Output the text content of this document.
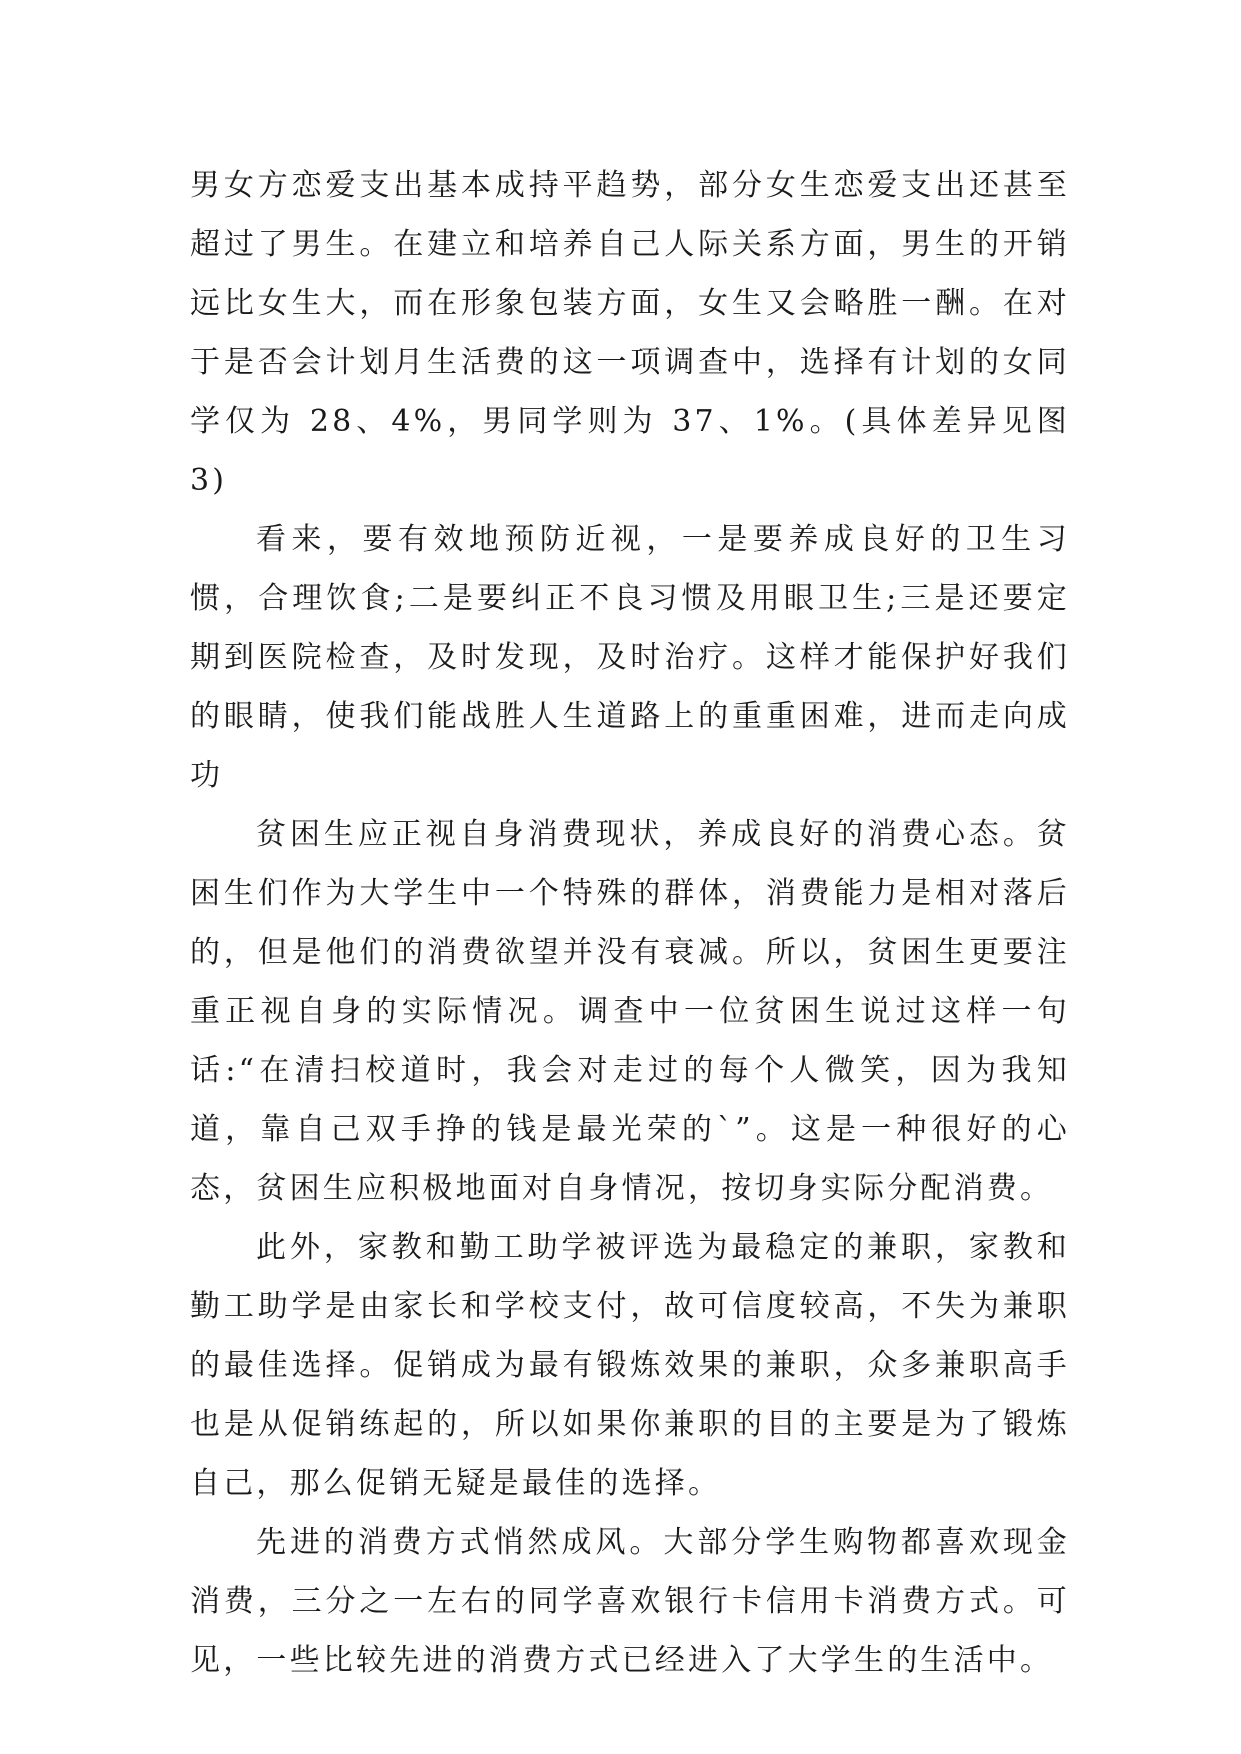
男女方恋爱支出基本成持平趋势，部分女生恋爱支出还甚至超过了男生。在建立和培养自己人际关系方面，男生的开销远比女生大，而在形象包装方面，女生又会略胜一酬。在对于是否会计划月生活费的这一项调查中，选择有计划的女同学仅为 28、4%，男同学则为 37、1%。(具体差异见图 3)

看来，要有效地预防近视，一是要养成良好的卫生习惯，合理饮食;二是要纠正不良习惯及用眼卫生;三是还要定期到医院检查，及时发现，及时治疗。这样才能保护好我们的眼睛，使我们能战胜人生道路上的重重困难，进而走向成功

贫困生应正视自身消费现状，养成良好的消费心态。贫困生们作为大学生中一个特殊的群体，消费能力是相对落后的，但是他们的消费欲望并没有衰减。所以，贫困生更要注重正视自身的实际情况。调查中一位贫困生说过这样一句话:“在清扫校道时，我会对走过的每个人微笑，因为我知道，靠自己双手挣的钱是最光荣的`”。这是一种很好的心态，贫困生应积极地面对自身情况，按切身实际分配消费。

此外，家教和勤工助学被评选为最稳定的兼职，家教和勤工助学是由家长和学校支付，故可信度较高，不失为兼职的最佳选择。促销成为最有锻炼效果的兼职，众多兼职高手也是从促销练起的，所以如果你兼职的目的主要是为了锻炼自己，那么促销无疑是最佳的选择。

先进的消费方式悄然成风。大部分学生购物都喜欢现金消费，三分之一左右的同学喜欢银行卡信用卡消费方式。可见，一些比较先进的消费方式已经进入了大学生的生活中。
